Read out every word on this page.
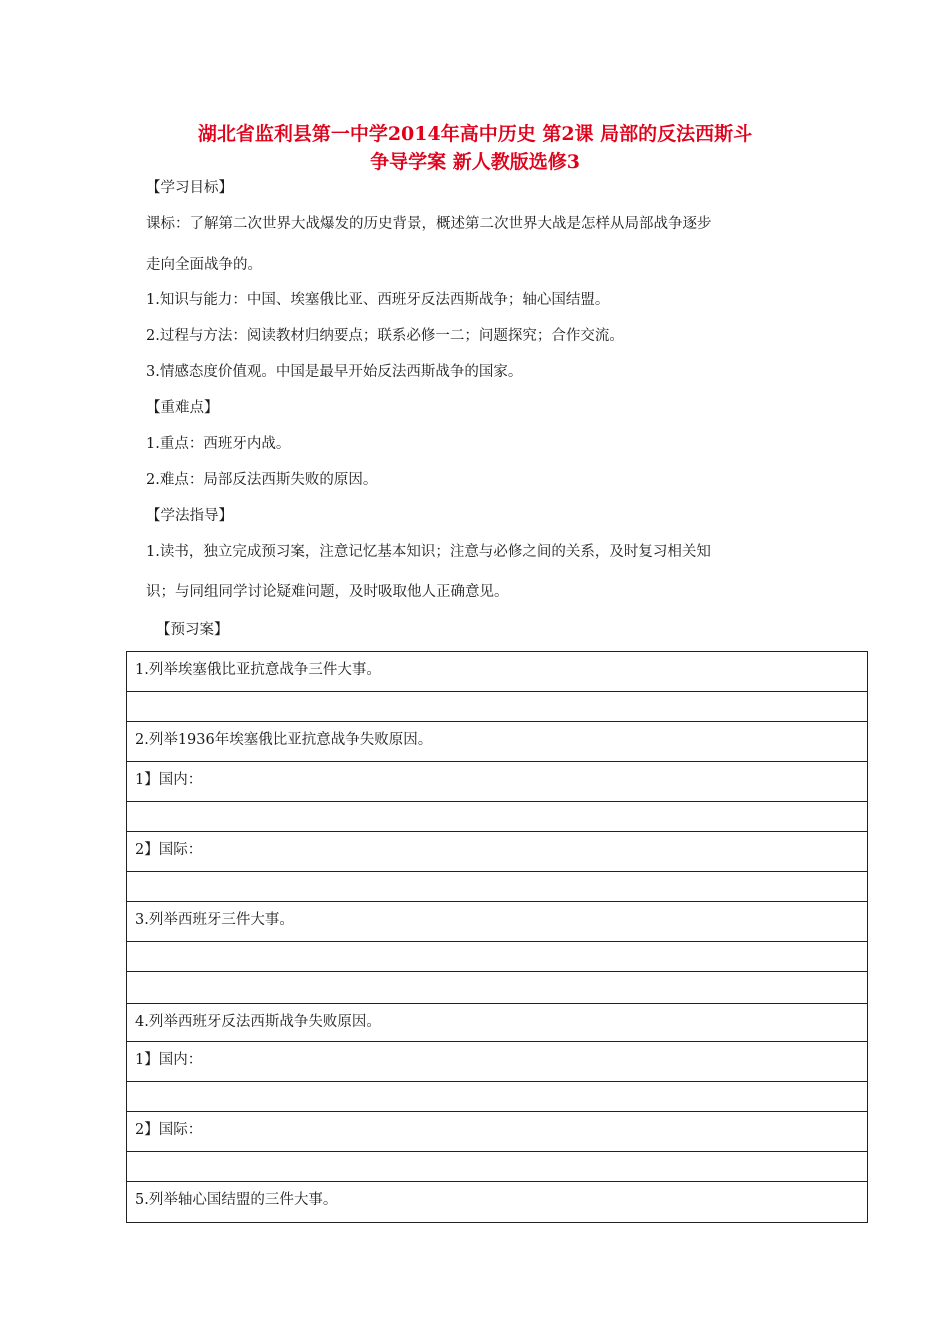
湖北省监利县第一中学2014年高中历史 第2课 局部的反法西斯斗
争导学案 新人教版选修3
【学习目标】
课标：了解第二次世界大战爆发的历史背景，概述第二次世界大战是怎样从局部战争逐步
走向全面战争的。
1.知识与能力：中国、埃塞俄比亚、西班牙反法西斯战争；轴心国结盟。
2.过程与方法：阅读教材归纳要点；联系必修一二；问题探究；合作交流。
3.情感态度价值观。中国是最早开始反法西斯战争的国家。
【重难点】
1.重点：西班牙内战。
2.难点：局部反法西斯失败的原因。
【学法指导】
1.读书，独立完成预习案，注意记忆基本知识；注意与必修之间的关系，及时复习相关知
识；与同组同学讨论疑难问题，及时吸取他人正确意见。
【预习案】
1.列举埃塞俄比亚抗意战争三件大事。

2.列举1936年埃塞俄比亚抗意战争失败原因。

1】国内：

2】国际：

3.列举西班牙三件大事。

4.列举西班牙反法西斯战争失败原因。

1】国内：

2】国际：

5.列举轴心国结盟的三件大事。
